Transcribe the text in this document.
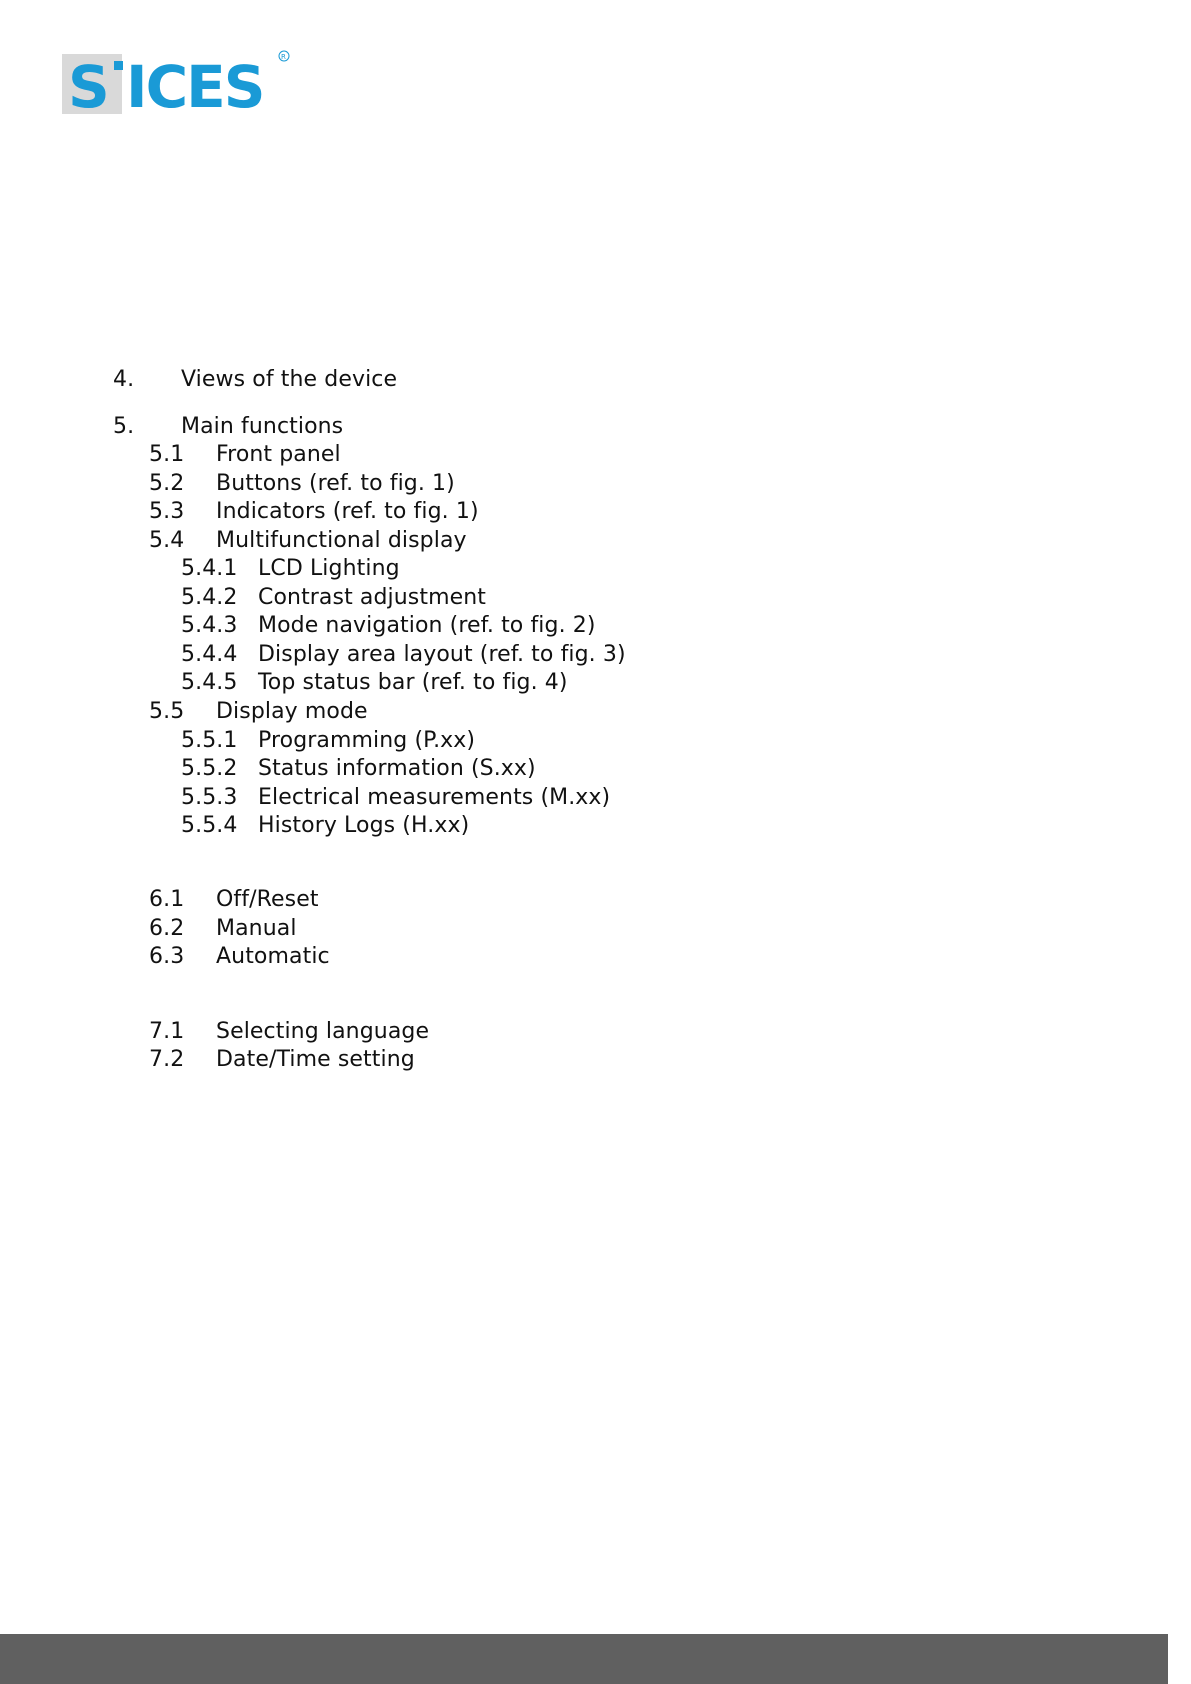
S ICES R
4. Views of the device
5. Main functions
5.1 Front panel
5.2 Buttons (ref. to fig. 1)
5.3 Indicators (ref. to fig. 1)
5.4 Multifunctional display
5.4.1 LCD Lighting
5.4.2 Contrast adjustment
5.4.3 Mode navigation (ref. to fig. 2)
5.4.4 Display area layout (ref. to fig. 3)
5.4.5 Top status bar (ref. to fig. 4)
5.5 Display mode
5.5.1 Programming (P.xx)
5.5.2 Status information (S.xx)
5.5.3 Electrical measurements (M.xx)
5.5.4 History Logs (H.xx)
6.1 Off/Reset
6.2 Manual
6.3 Automatic
7.1 Selecting language
7.2 Date/Time setting
